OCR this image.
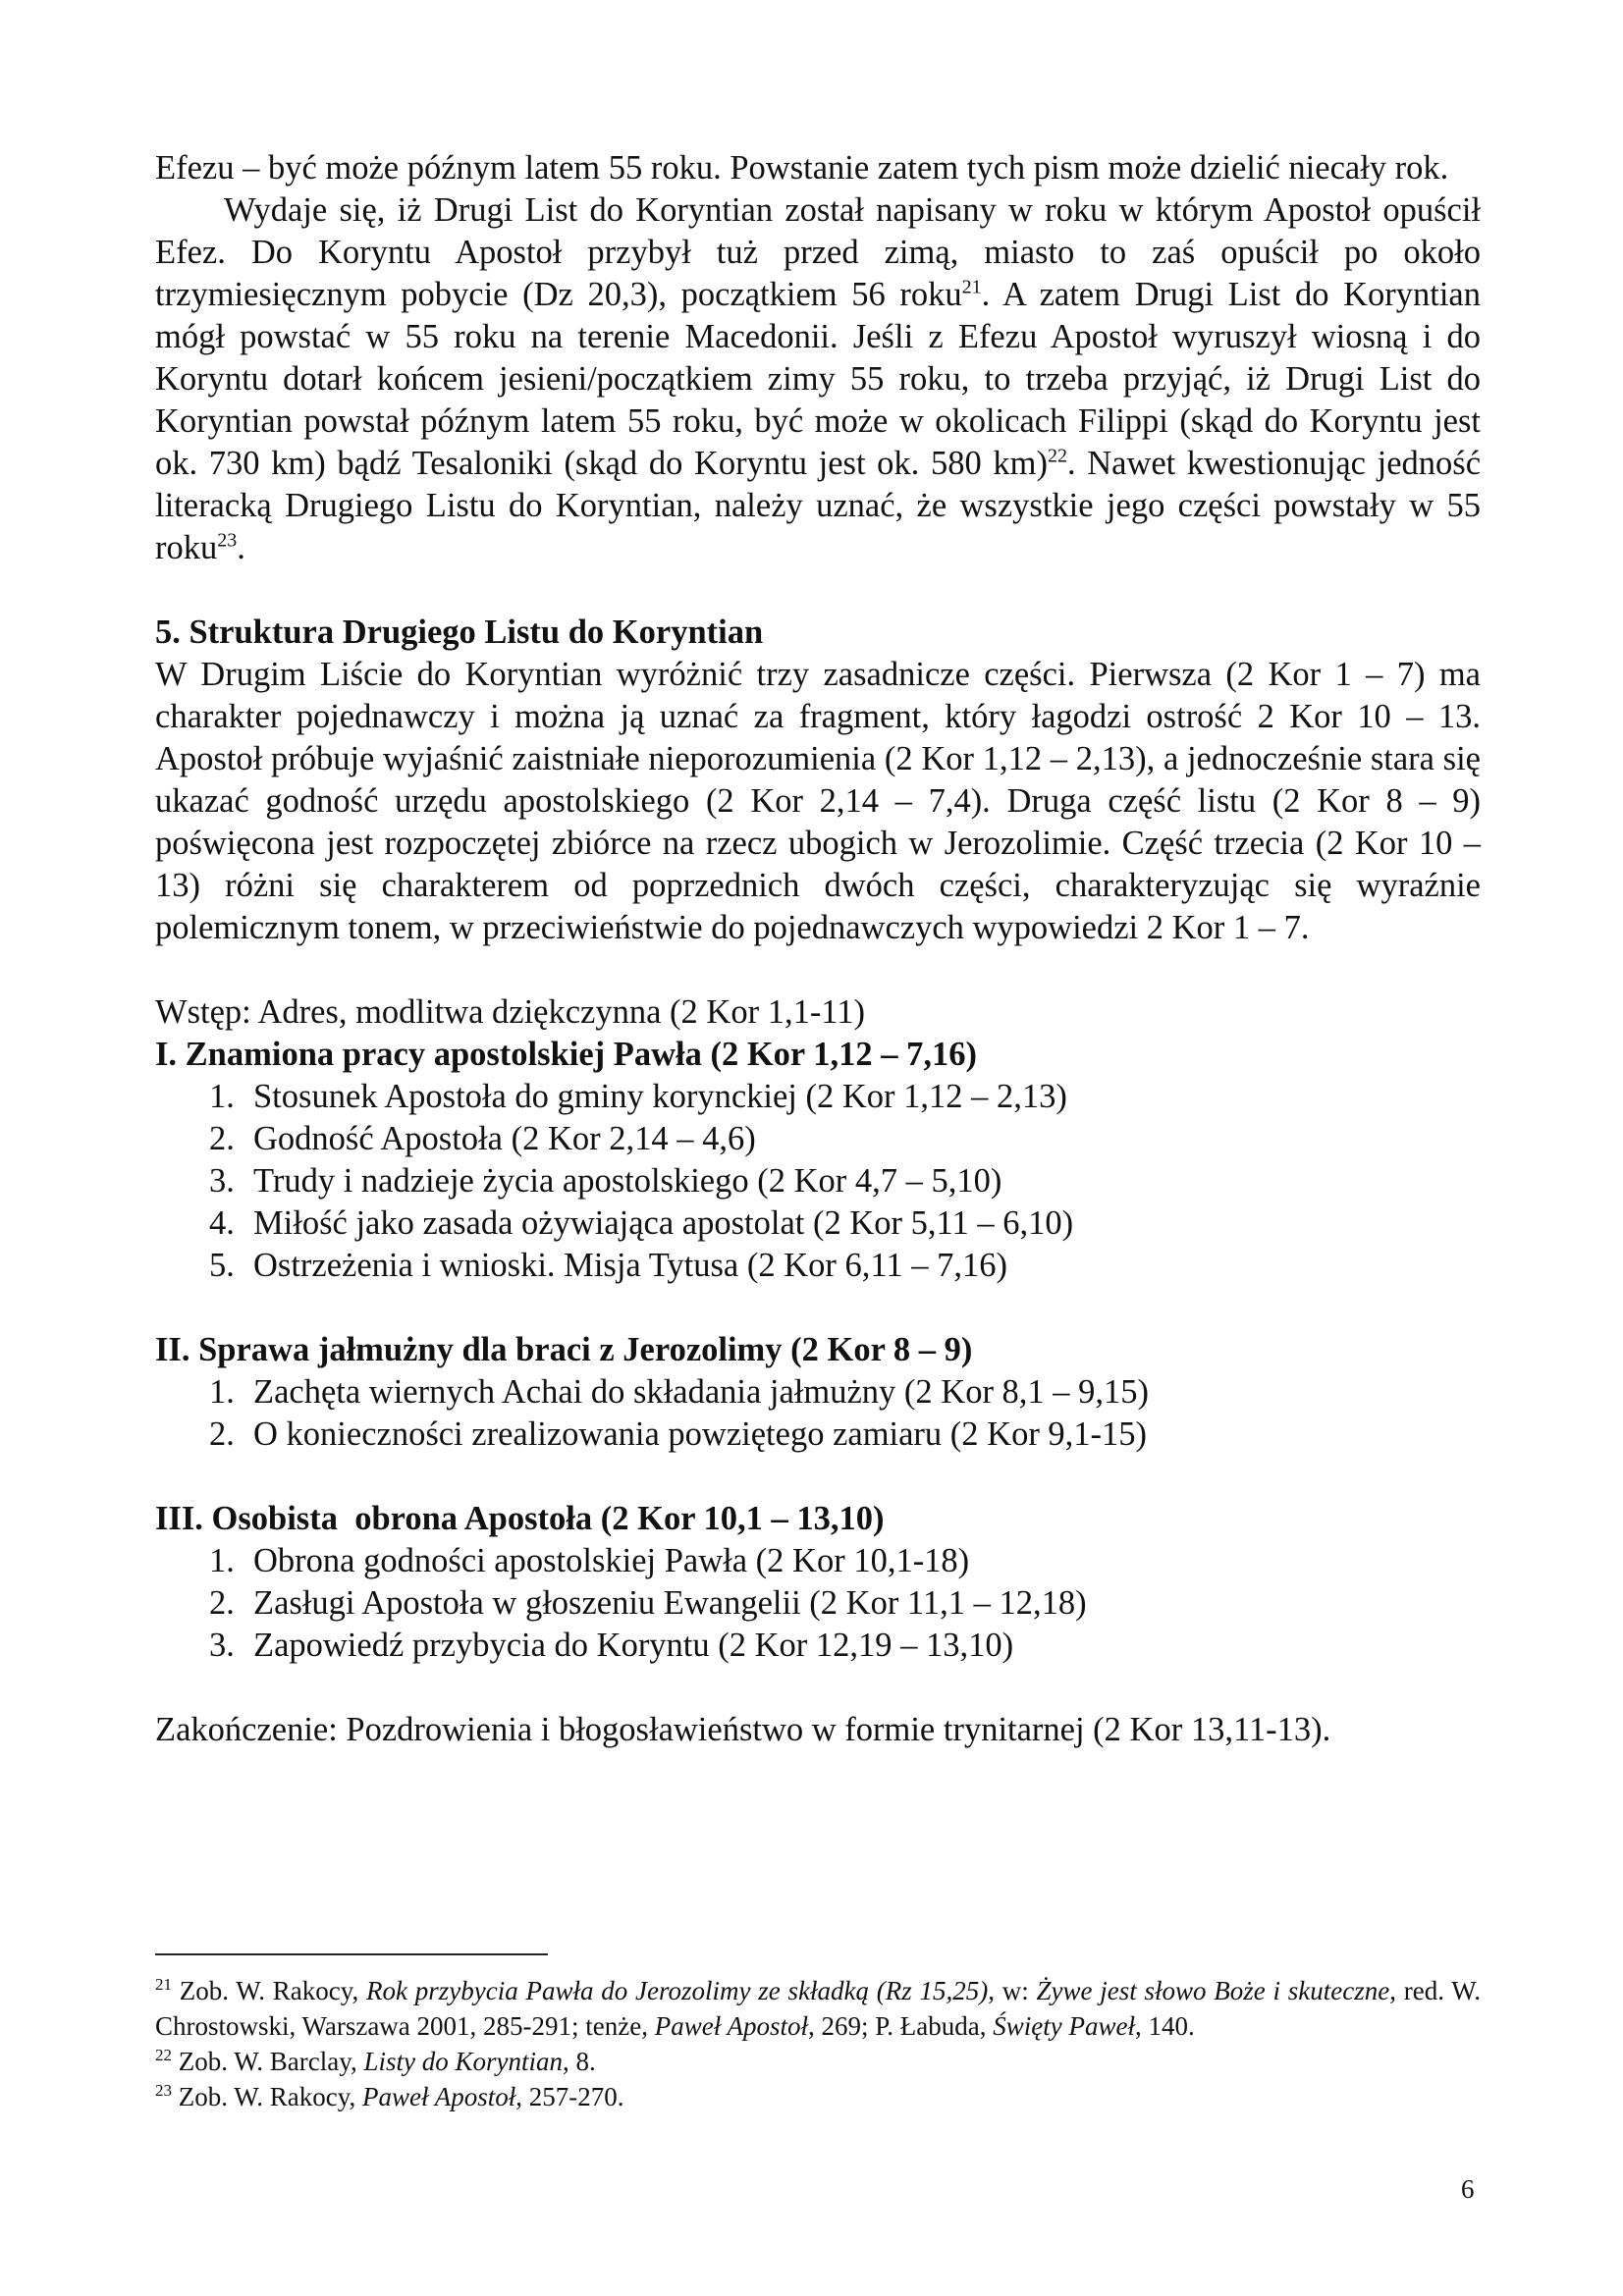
Efezu – być może późnym latem 55 roku. Powstanie zatem tych pism może dzielić niecały rok.

Wydaje się, iż Drugi List do Koryntian został napisany w roku w którym Apostoł opuścił Efez. Do Koryntu Apostoł przybył tuż przed zimą, miasto to zaś opuścił po około trzymiesięcznym pobycie (Dz 20,3), początkiem 56 roku$^{21}$. A zatem Drugi List do Koryntian mógł powstać w 55 roku na terenie Macedonii. Jeśli z Efezu Apostoł wyruszył wiosną i do Koryntu dotarł końcem jesieni/początkiem zimy 55 roku, to trzeba przyjąć, iż Drugi List do Koryntian powstał późnym latem 55 roku, być może w okolicach Filippi (skąd do Koryntu jest ok. 730 km) bądź Tesaloniki (skąd do Koryntu jest ok. 580 km)$^{22}$. Nawet kwestionując jedność literacką Drugiego Listu do Koryntian, należy uznać, że wszystkie jego części powstały w 55 roku$^{23}$.

5. Struktura Drugiego Listu do Koryntian

W Drugim Liście do Koryntian wyróżnić trzy zasadnicze części. Pierwsza (2 Kor 1 – 7) ma charakter pojednawczy i można ją uznać za fragment, który łagodzi ostrość 2 Kor 10 – 13. Apostoł próbuje wyjaśnić zaistniałe nieporozumienia (2 Kor 1,12 – 2,13), a jednocześnie stara się ukazać godność urzędu apostolskiego (2 Kor 2,14 – 7,4). Druga część listu (2 Kor 8 – 9) poświęcona jest rozpoczętej zbiórce na rzecz ubogich w Jerozolimie. Część trzecia (2 Kor 10 – 13) różni się charakterem od poprzednich dwóch części, charakteryzując się wyraźnie polemicznym tonem, w przeciwieństwie do pojednawczych wypowiedzi 2 Kor 1 – 7.

Wstęp: Adres, modlitwa dziękczynna (2 Kor 1,1-11)

I. Znamiona pracy apostolskiej Pawła (2 Kor 1,12 – 7,16)

1. Stosunek Apostoła do gminy korynckiej (2 Kor 1,12 – 2,13)
2. Godność Apostoła (2 Kor 2,14 – 4,6)
3. Trudy i nadzieje życia apostolskiego (2 Kor 4,7 – 5,10)
4. Miłość jako zasada ożywiająca apostolat (2 Kor 5,11 – 6,10)
5. Ostrzeżenia i wnioski. Misja Tytusa (2 Kor 6,11 – 7,16)

II. Sprawa jałmużny dla braci z Jerozolimy (2 Kor 8 – 9)

1. Zachęta wiernych Achai do składania jałmużny (2 Kor 8,1 – 9,15)
2. O konieczności zrealizowania powziętego zamiaru (2 Kor 9,1-15)

III. Osobista  obrona Apostoła (2 Kor 10,1 – 13,10)

1. Obrona godności apostolskiej Pawła (2 Kor 10,1-18)
2. Zasługi Apostoła w głoszeniu Ewangelii (2 Kor 11,1 – 12,18)
3. Zapowiedź przybycia do Koryntu (2 Kor 12,19 – 13,10)

Zakończenie: Pozdrowienia i błogosławieństwo w formie trynitarnej (2 Kor 13,11-13).

$^{21}$ Zob. W. Rakocy, Rok przybycia Pawła do Jerozolimy ze składką (Rz 15,25), w: Żywe jest słowo Boże i skuteczne, red. W. Chrostowski, Warszawa 2001, 285-291; tenże, Paweł Apostoł, 269; P. Łabuda, Święty Paweł, 140.

$^{22}$ Zob. W. Barclay, Listy do Koryntian, 8.

$^{23}$ Zob. W. Rakocy, Paweł Apostoł, 257-270.

6
